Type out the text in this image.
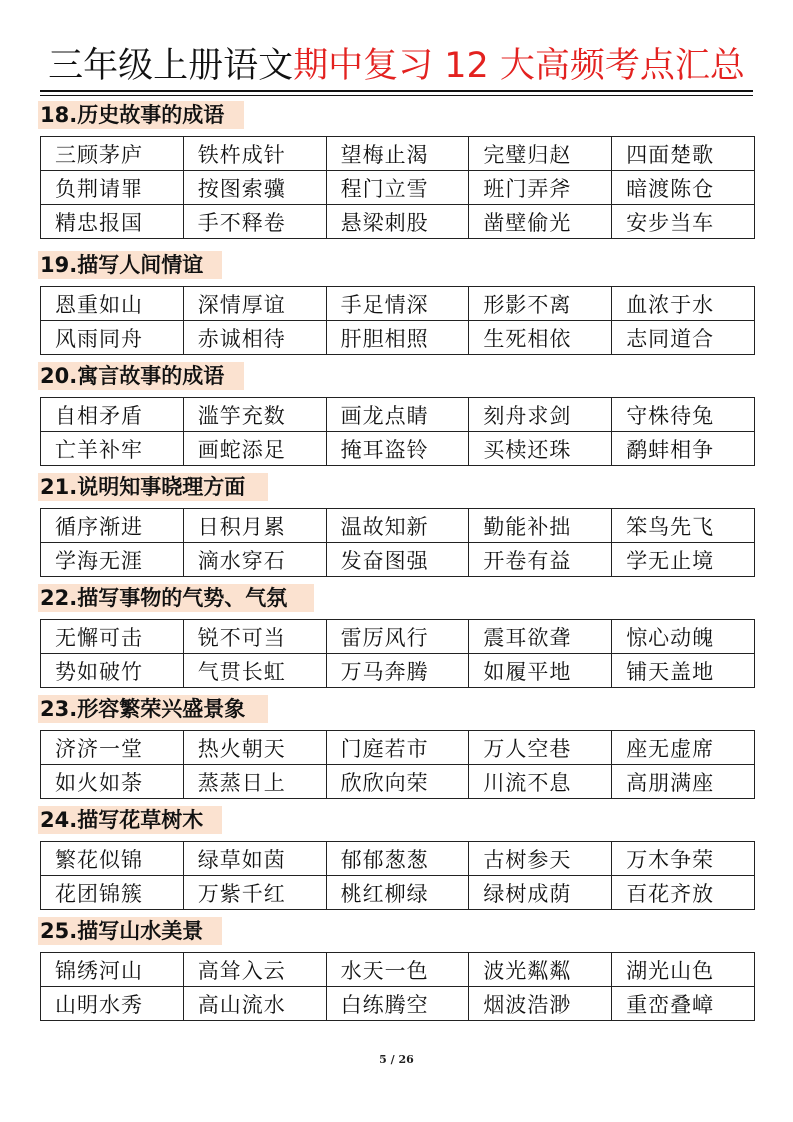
三年级上册语文期中复习 12 大高频考点汇总
18.历史故事的成语
三顾茅庐	铁杵成针	望梅止渴	完璧归赵	四面楚歌
负荆请罪	按图索骥	程门立雪	班门弄斧	暗渡陈仓
精忠报国	手不释卷	悬梁刺股	凿壁偷光	安步当车
19.描写人间情谊
恩重如山	深情厚谊	手足情深	形影不离	血浓于水
风雨同舟	赤诚相待	肝胆相照	生死相依	志同道合
20.寓言故事的成语
自相矛盾	滥竽充数	画龙点睛	刻舟求剑	守株待兔
亡羊补牢	画蛇添足	掩耳盗铃	买椟还珠	鹬蚌相争
21.说明知事晓理方面
循序渐进	日积月累	温故知新	勤能补拙	笨鸟先飞
学海无涯	滴水穿石	发奋图强	开卷有益	学无止境
22.描写事物的气势、气氛
无懈可击	锐不可当	雷厉风行	震耳欲聋	惊心动魄
势如破竹	气贯长虹	万马奔腾	如履平地	铺天盖地
23.形容繁荣兴盛景象
济济一堂	热火朝天	门庭若市	万人空巷	座无虚席
如火如荼	蒸蒸日上	欣欣向荣	川流不息	高朋满座
24.描写花草树木
繁花似锦	绿草如茵	郁郁葱葱	古树参天	万木争荣
花团锦簇	万紫千红	桃红柳绿	绿树成荫	百花齐放
25.描写山水美景
锦绣河山	高耸入云	水天一色	波光粼粼	湖光山色
山明水秀	高山流水	白练腾空	烟波浩渺	重峦叠嶂
5 / 26
